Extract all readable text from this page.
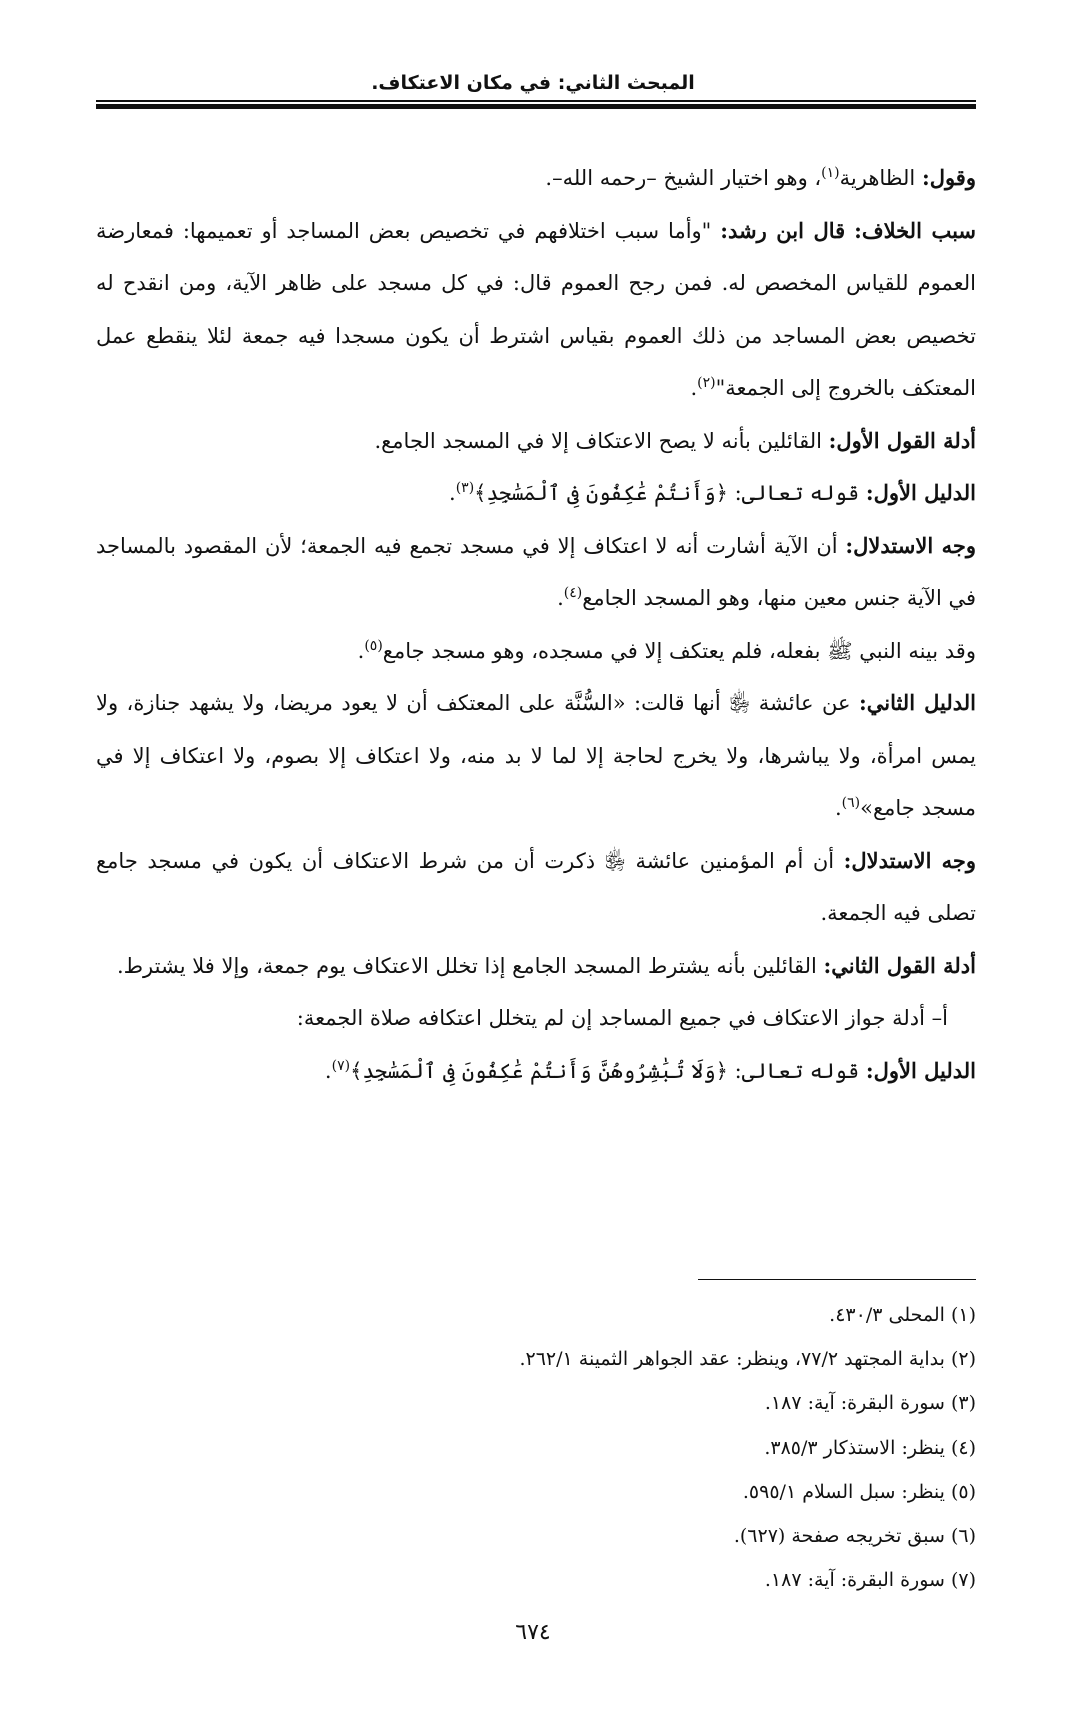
المبحث الثاني: في مكان الاعتكاف.

وقول: الظاهرية$^{(١)}$، وهو اختيار الشيخ –رحمه الله–.

سبب الخلاف: قال ابن رشد: "وأما سبب اختلافهم في تخصيص بعض المساجد أو تعميمها: فمعارضة العموم للقياس المخصص له. فمن رجح العموم قال: في كل مسجد على ظاهر الآية، ومن انقدح له تخصيص بعض المساجد من ذلك العموم بقياس اشترط أن يكون مسجدا فيه جمعة لئلا ينقطع عمل المعتكف بالخروج إلى الجمعة"$^{(٢)}$.

أدلة القول الأول: القائلين بأنه لا يصح الاعتكاف إلا في المسجد الجامع.

الدليل الأول: قوله تعالى: ﴿وَأَنتُمْ عَٰكِفُونَ فِى ٱلْمَسَٰجِدِ﴾$^{(٣)}$.

وجه الاستدلال: أن الآية أشارت أنه لا اعتكاف إلا في مسجد تجمع فيه الجمعة؛ لأن المقصود بالمساجد في الآية جنس معين منها، وهو المسجد الجامع$^{(٤)}$.

وقد بينه النبي ﷺ بفعله، فلم يعتكف إلا في مسجده، وهو مسجد جامع$^{(٥)}$.

الدليل الثاني: عن عائشة ﵂ أنها قالت: «السُّنَّة على المعتكف أن لا يعود مريضا، ولا يشهد جنازة، ولا يمس امرأة، ولا يباشرها، ولا يخرج لحاجة إلا لما لا بد منه، ولا اعتكاف إلا بصوم، ولا اعتكاف إلا في مسجد جامع»$^{(٦)}$.

وجه الاستدلال: أن أم المؤمنين عائشة ﵂ ذكرت أن من شرط الاعتكاف أن يكون في مسجد جامع تصلى فيه الجمعة.

أدلة القول الثاني: القائلين بأنه يشترط المسجد الجامع إذا تخلل الاعتكاف يوم جمعة، وإلا فلا يشترط.

أ– أدلة جواز الاعتكاف في جميع المساجد إن لم يتخلل اعتكافه صلاة الجمعة:

الدليل الأول: قوله تعالى: ﴿وَلَا تُبَٰشِرُوهُنَّ وَأَنتُمْ عَٰكِفُونَ فِى ٱلْمَسَٰجِدِ﴾$^{(٧)}$.

(١)المحلى ٤٣٠/٣.

(٢)بداية المجتهد ٧٧/٢، وينظر: عقد الجواهر الثمينة ٢٦٢/١.

(٣)سورة البقرة: آية: ١٨٧.

(٤)ينظر: الاستذكار ٣٨٥/٣.

(٥)ينظر: سبل السلام ٥٩٥/١.

(٦)سبق تخريجه صفحة (٦٢٧).

(٧)سورة البقرة: آية: ١٨٧.

٦٧٤
